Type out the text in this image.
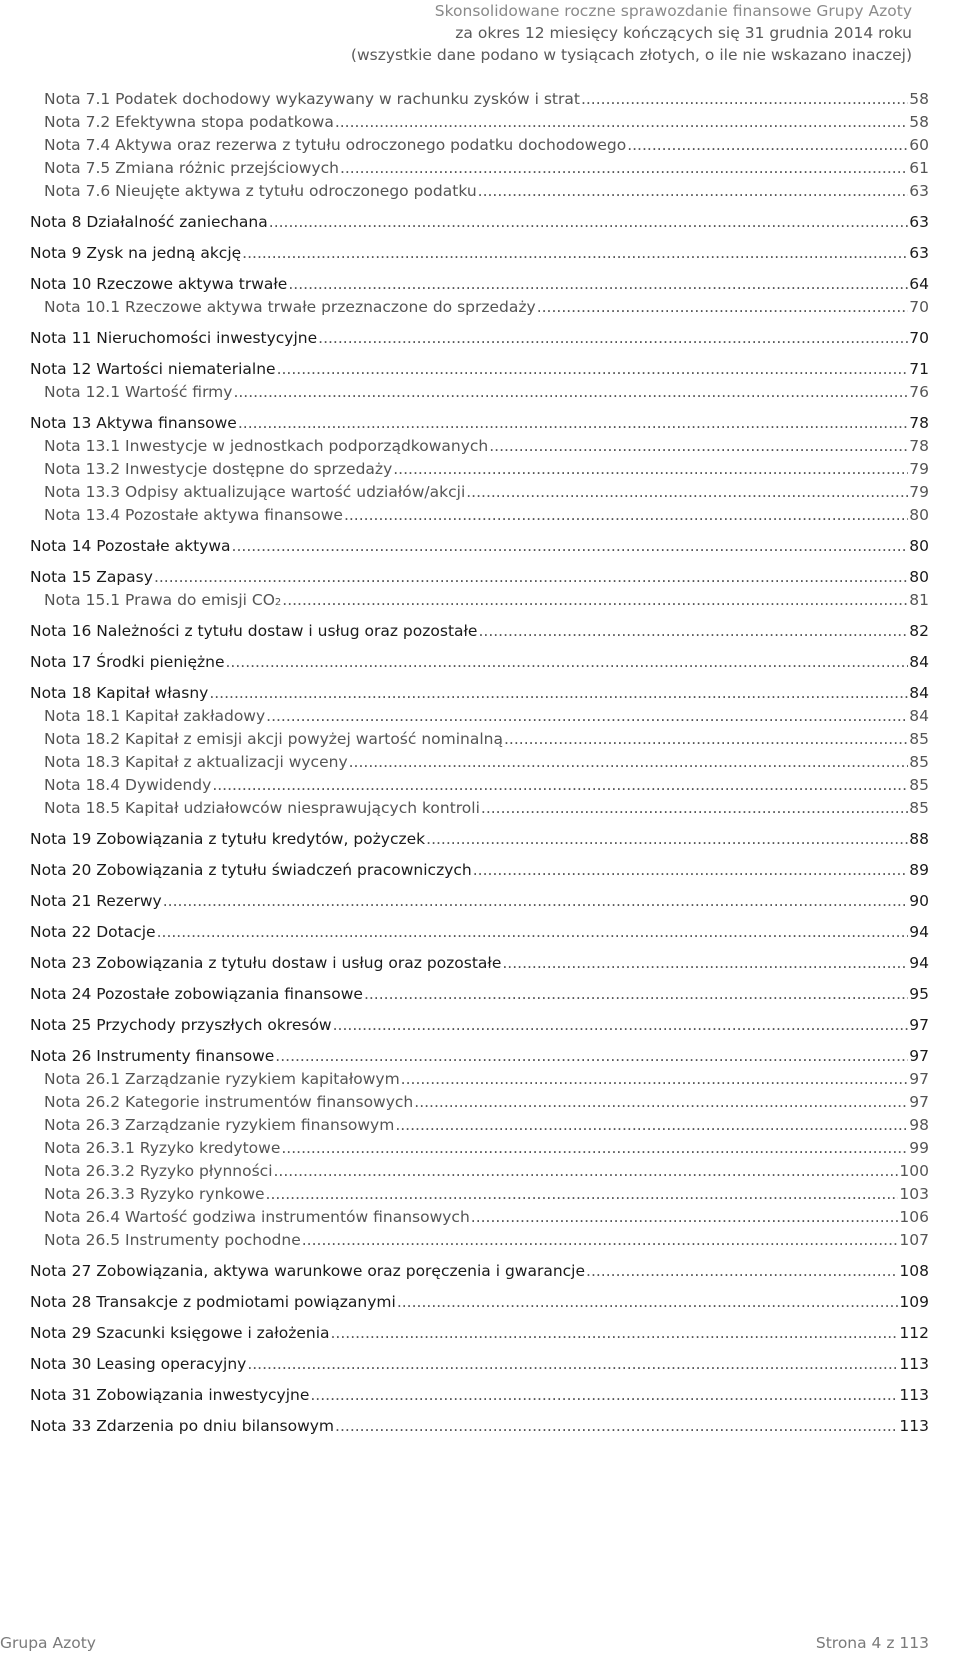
Skonsolidowane roczne sprawozdanie finansowe Grupy Azoty
za okres 12 miesięcy kończących się 31 grudnia 2014 roku
(wszystkie dane podano w tysiącach złotych, o ile nie wskazano inaczej)
Nota 7.1 Podatek dochodowy wykazywany w rachunku zysków i strat .....	58
Nota 7.2 Efektywna stopa podatkowa .....	58
Nota 7.4 Aktywa oraz rezerwa z tytułu odroczonego podatku dochodowego .....	60
Nota 7.5 Zmiana różnic przejściowych .....	61
Nota 7.6 Nieujęte aktywa z tytułu odroczonego podatku .....	63
Nota 8 Działalność zaniechana .....	63
Nota 9 Zysk na jedną akcję .....	63
Nota 10 Rzeczowe aktywa trwałe .....	64
Nota 10.1 Rzeczowe aktywa trwałe przeznaczone do sprzedaży .....	70
Nota 11 Nieruchomości inwestycyjne .....	70
Nota 12 Wartości niematerialne .....	71
Nota 12.1 Wartość firmy .....	76
Nota 13 Aktywa finansowe .....	78
Nota 13.1 Inwestycje w jednostkach podporządkowanych .....	78
Nota 13.2 Inwestycje dostępne do sprzedaży .....	79
Nota 13.3 Odpisy aktualizujące wartość udziałów/akcji .....	79
Nota 13.4 Pozostałe aktywa finansowe .....	80
Nota 14 Pozostałe aktywa .....	80
Nota 15 Zapasy .....	80
Nota 15.1 Prawa do emisji CO 2 .....	81
Nota 16 Należności z tytułu dostaw i usług oraz pozostałe .....	82
Nota 17 Środki pieniężne .....	84
Nota 18 Kapitał własny .....	84
Nota 18.1 Kapitał zakładowy .....	84
Nota 18.2 Kapitał z emisji akcji powyżej wartość nominalną .....	85
Nota 18.3 Kapitał z aktualizacji wyceny .....	85
Nota 18.4 Dywidendy .....	85
Nota 18.5 Kapitał udziałowców niesprawujących kontroli .....	85
Nota 19 Zobowiązania z tytułu kredytów, pożyczek .....	88
Nota 20 Zobowiązania z tytułu świadczeń pracowniczych .....	89
Nota 21 Rezerwy .....	90
Nota 22 Dotacje .....	94
Nota 23 Zobowiązania z tytułu dostaw i usług oraz pozostałe .....	94
Nota 24 Pozostałe zobowiązania finansowe .....	95
Nota 25 Przychody przyszłych okresów .....	97
Nota 26 Instrumenty finansowe .....	97
Nota 26.1 Zarządzanie ryzykiem kapitałowym .....	97
Nota 26.2 Kategorie instrumentów finansowych .....	97
Nota 26.3 Zarządzanie ryzykiem finansowym .....	98
Nota 26.3.1 Ryzyko kredytowe .....	99
Nota 26.3.2 Ryzyko płynności .....	100
Nota 26.3.3 Ryzyko rynkowe .....	103
Nota 26.4 Wartość godziwa instrumentów finansowych .....	106
Nota 26.5 Instrumenty pochodne .....	107
Nota 27 Zobowiązania, aktywa warunkowe oraz poręczenia i gwarancje .....	108
Nota 28 Transakcje z podmiotami powiązanymi .....	109
Nota 29 Szacunki księgowe i założenia .....	112
Nota 30 Leasing operacyjny .....	113
Nota 31 Zobowiązania inwestycyjne .....	113
Nota 33 Zdarzenia po dniu bilansowym .....	113
Grupa Azoty	Strona 4 z 113
